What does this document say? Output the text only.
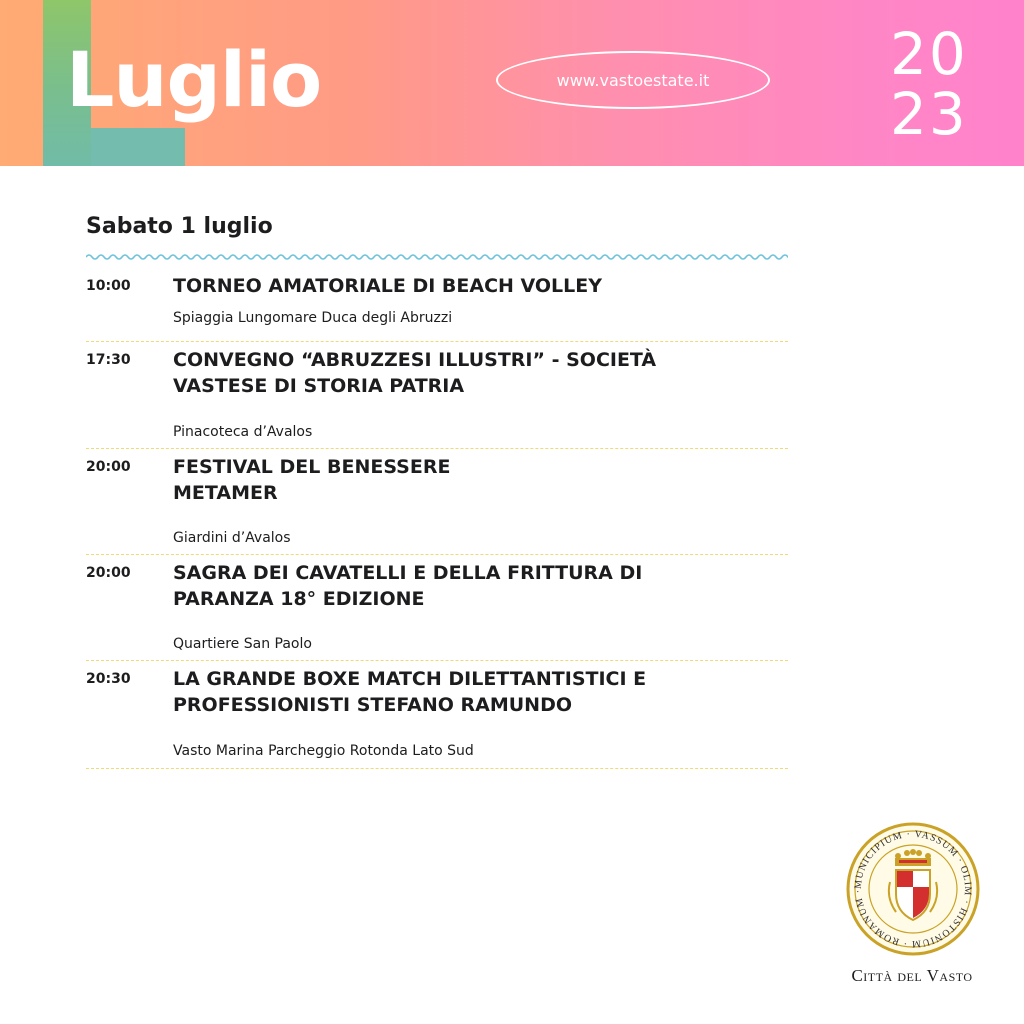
Luglio	www.vastoestate.it	20
23
Sabato 1 luglio
10:00 TORNEO AMATORIALE DI BEACH VOLLEY
Spiaggia Lungomare Duca degli Abruzzi
17:30 CONVEGNO “ABRUZZESI ILLUSTRI” - SOCIETÀ VASTESE DI STORIA PATRIA
Pinacoteca d’Avalos
20:00 FESTIVAL DEL BENESSERE
METAMER
Giardini d’Avalos
20:00 SAGRA DEI CAVATELLI E DELLA FRITTURA DI PARANZA 18° EDIZIONE
Quartiere San Paolo
20:30 LA GRANDE BOXE MATCH DILETTANTISTICI E PROFESSIONISTI STEFANO RAMUNDO
Vasto Marina Parcheggio Rotonda Lato Sud
MUNICIPIUM · VASSUM · OLIM · HISTONIUM · ROMANUM ·
Città del Vasto
